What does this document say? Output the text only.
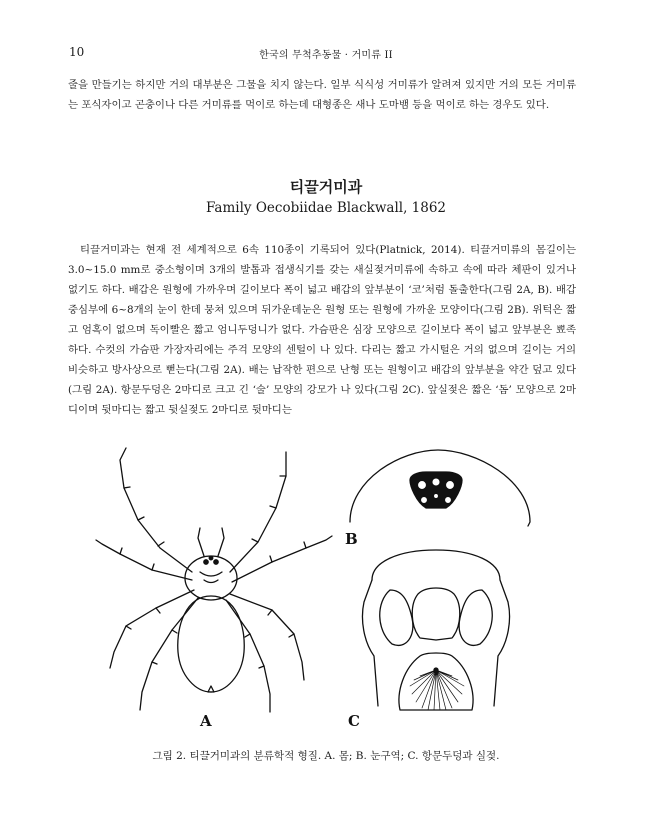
10	한국의 무척추동물 · 거미류 II

줄을 만들기는 하지만 거의 대부분은 그물을 치지 않는다. 일부 식식성 거미류가 알려져 있지만 거의 모든 거미류는 포식자이고 곤충이나 다른 거미류를 먹이로 하는데 대형종은 새나 도마뱀 등을 먹이로 하는 경우도 있다.

티끌거미과
Family Oecobiidae Blackwall, 1862

티끌거미과는 현재 전 세계적으로 6속 110종이 기록되어 있다(Platnick, 2014). 티끌거미류의 몸길이는 3.0~15.0 mm로 중소형이며 3개의 발톱과 접생식기를 갖는 새실젖거미류에 속하고 속에 따라 체판이 있거나 없기도 하다. 배갑은 원형에 가까우며 길이보다 폭이 넓고 배갑의 앞부분이 ‘코’처럼 돌출한다(그림 2A, B). 배갑 중심부에 6~8개의 눈이 한데 뭉쳐 있으며 뒤가운데눈은 원형 또는 원형에 가까운 모양이다(그림 2B). 위턱은 짧고 엄혹이 없으며 독이빨은 짧고 엄니두덩니가 없다. 가슴판은 심장 모양으로 길이보다 폭이 넓고 앞부분은 뾰족하다. 수컷의 가슴판 가장자리에는 주걱 모양의 센털이 나 있다. 다리는 짧고 가시털은 거의 없으며 길이는 거의 비슷하고 방사상으로 뻗는다(그림 2A). 배는 납작한 편으로 난형 또는 원형이고 배갑의 앞부분을 약간 덮고 있다(그림 2A). 항문두덩은 2마디로 크고 긴 ‘술’ 모양의 강모가 나 있다(그림 2C). 앞실젖은 짧은 ‘돔’ 모양으로 2마디이며 뒷마디는 짧고 뒷실젖도 2마디로 뒷마디는

A
B
C
그림 2. 티끌거미과의 분류학적 형질. A. 몸; B. 눈구역; C. 항문두덩과 실젖.
